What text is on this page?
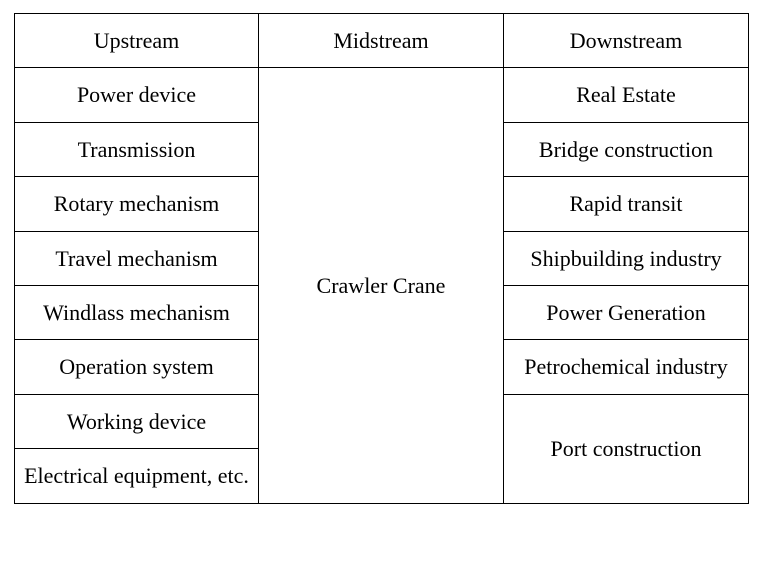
Upstream	Midstream	Downstream
Power device	Crawler Crane	Real Estate
Transmission		Bridge construction
Rotary mechanism		Rapid transit
Travel mechanism		Shipbuilding industry
Windlass mechanism		Power Generation
Operation system		Petrochemical industry
Working device		Port construction
Electrical equipment, etc.		
